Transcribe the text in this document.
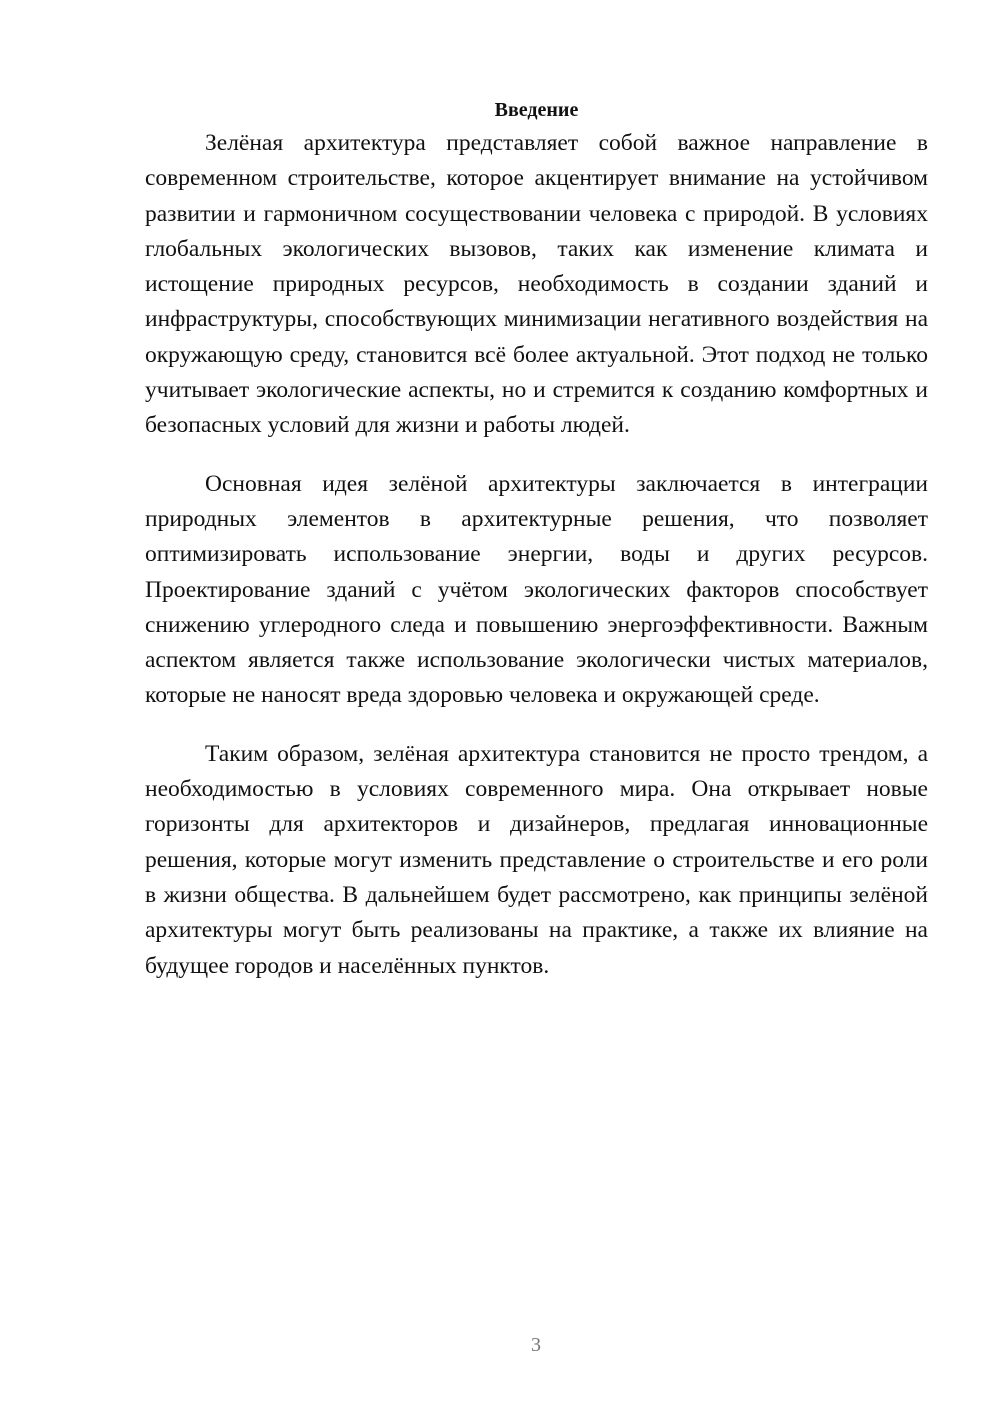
Введение

Зелёная архитектура представляет собой важное направление в современном строительстве, которое акцентирует внимание на устойчивом развитии и гармоничном сосуществовании человека с природой. В условиях глобальных экологических вызовов, таких как изменение климата и истощение природных ресурсов, необходимость в создании зданий и инфраструктуры, способствующих минимизации негативного воздействия на окружающую среду, становится всё более актуальной. Этот подход не только учитывает экологические аспекты, но и стремится к созданию комфортных и безопасных условий для жизни и работы людей.

Основная идея зелёной архитектуры заключается в интеграции природных элементов в архитектурные решения, что позволяет оптимизировать использование энергии, воды и других ресурсов. Проектирование зданий с учётом экологических факторов способствует снижению углеродного следа и повышению энергоэффективности. Важным аспектом является также использование экологически чистых материалов, которые не наносят вреда здоровью человека и окружающей среде.

Таким образом, зелёная архитектура становится не просто трендом, а необходимостью в условиях современного мира. Она открывает новые горизонты для архитекторов и дизайнеров, предлагая инновационные решения, которые могут изменить представление о строительстве и его роли в жизни общества. В дальнейшем будет рассмотрено, как принципы зелёной архитектуры могут быть реализованы на практике, а также их влияние на будущее городов и населённых пунктов.

3
